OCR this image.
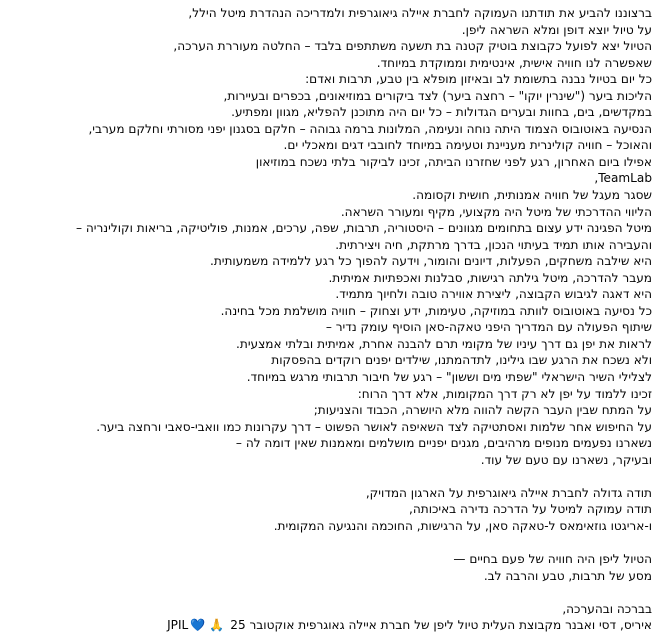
ברצוננו להביע את תודתנו העמוקה לחברת איילה גיאוגרפית ולמדריכה הנהדרת מיטל הילל,
על טיול יוצא דופן ומלא השראה ליפן.
הטיול יצא לפועל כקבוצת בוטיק קטנה בת תשעה משתתפים בלבד – החלטה מעוררת הערכה,
שאפשרה לנו חוויה אישית, אינטימית וממוקדת במיוחד.
כל יום בטיול נבנה בתשומת לב ובאיזון מופלא בין טבע, תרבות ואדם:
הליכות ביער ("שינרין יוקו" – רחצה ביער) לצד ביקורים במוזיאונים, בכפרים ובעיירות,
במקדשים, בים, בחוות ובערים הגדולות – כל יום היה מתוכנן להפליא, מגוון ומפתיע.
הנסיעה באוטובוס הצמוד היתה נוחה ונעימה, המלונות ברמה גבוהה – חלקם בסגנון יפני מסורתי וחלקם מערבי,
והאוכל – חוויה קולינרית מעניינת וטעימה במיוחד לחובבי דגים ומאכלי ים.
אפילו ביום האחרון, רגע לפני שחזרנו הביתה, זכינו לביקור בלתי נשכח במוזיאון
TeamLab,
שסגר מעגל של חוויה אמנותית, חושית וקסומה.
הליווי ההדרכתי של מיטל היה מקצועי, מקיף ומעורר השראה.
מיטל הפגינה ידע עצום בתחומים מגוונים – היסטוריה, תרבות, שפה, ערכים, אמנות, פוליטיקה, בריאות וקולינריה –
והעבירה אותו תמיד בעיתוי הנכון, בדרך מרתקת, חיה ויצירתית.
היא שילבה משחקים, הפעלות, דיונים והומור, וידעה להפוך כל רגע ללמידה משמעותית.
מעבר להדרכה, מיטל גילתה רגישות, סבלנות ואכפתיות אמיתית.
היא דאגה לגיבוש הקבוצה, ליצירת אווירה טובה ולחיוך מתמיד.
כל נסיעה באוטובוס לוותה במוזיקה, טעימות, ידע וצחוק – חוויה מושלמת מכל בחינה.
שיתוף הפעולה עם המדריך היפני טאקה-סאן הוסיף עומק נדיר –
לראות את יפן גם דרך עיניו של מקומי תרם להבנה אחרת, אמיתית ובלתי אמצעית.
ולא נשכח את הרגע שבו גילינו, לתדהמתנו, שילדים יפנים רוקדים בהפסקות
לצלילי השיר הישראלי "שפתי מים וששון" – רגע של חיבור תרבותי מרגש במיוחד.
זכינו ללמוד על יפן לא רק דרך המקומות, אלא דרך הרוח:
על המתח שבין העבר הקשה להווה מלא היושרה, הכבוד והצניעות;
על החיפוש אחר שלמות ואסתטיקה לצד השאיפה לאושר הפשוט – דרך עקרונות כמו וואבי-סאבי ורחצה ביער.
נשארנו נפעמים מנופים מרהיבים, מגנים יפניים מושלמים ומאמנות שאין דומה לה –
ובעיקר, נשארנו עם טעם של עוד.
תודה גדולה לחברת איילה גיאוגרפית על הארגון המדויק,
תודה עמוקה למיטל על הדרכה נדירה באיכותה,
ו-אריגטו גוזאימאס ל-טאקה סאן, על הרגישות, החוכמה והנגיעה המקומית.
הטיול ליפן היה חוויה של פעם בחיים —
מסע של תרבות, טבע והרבה לב.
בברכה ובהערכה,
איריס, דסי ואבנר מקבוצת העלית טיול ליפן של חברת איילה גאוגרפית אוקטובר 25 🙏💙JPIL
